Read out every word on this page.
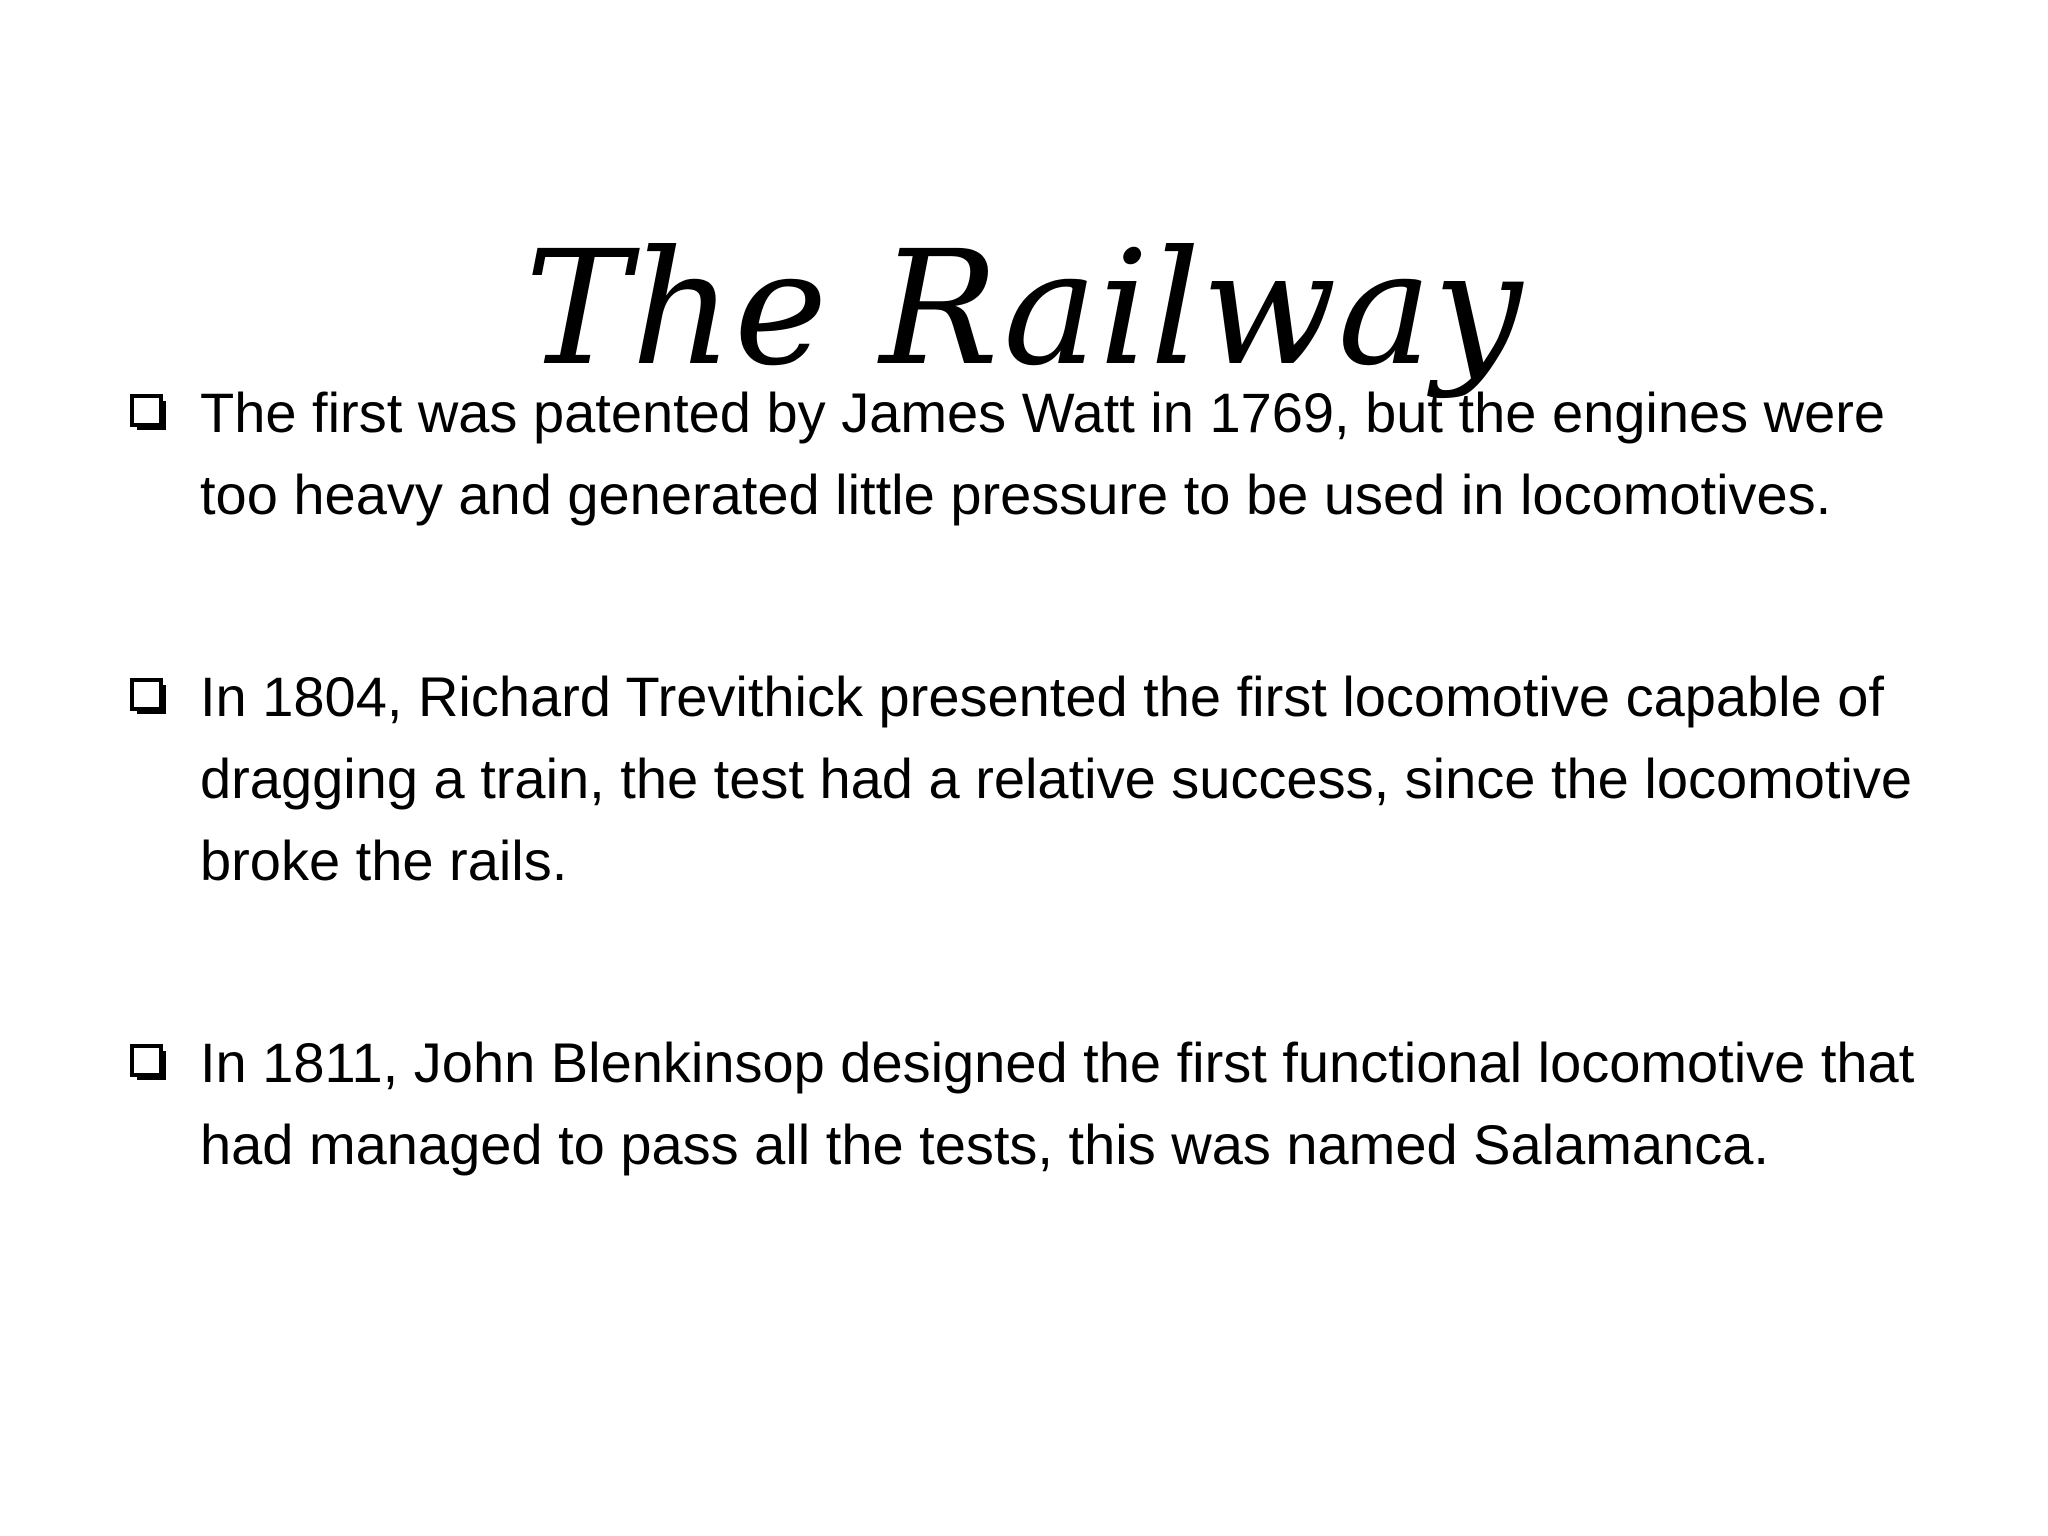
The Railway
The first was patented by James Watt in 1769, but the engines were too heavy and generated little pressure to be used in locomotives.
In 1804, Richard Trevithick presented the first locomotive capable of dragging a train, the test had a relative success, since the locomotive broke the rails.
In 1811, John Blenkinsop designed the first functional locomotive that had managed to pass all the tests, this was named Salamanca.
